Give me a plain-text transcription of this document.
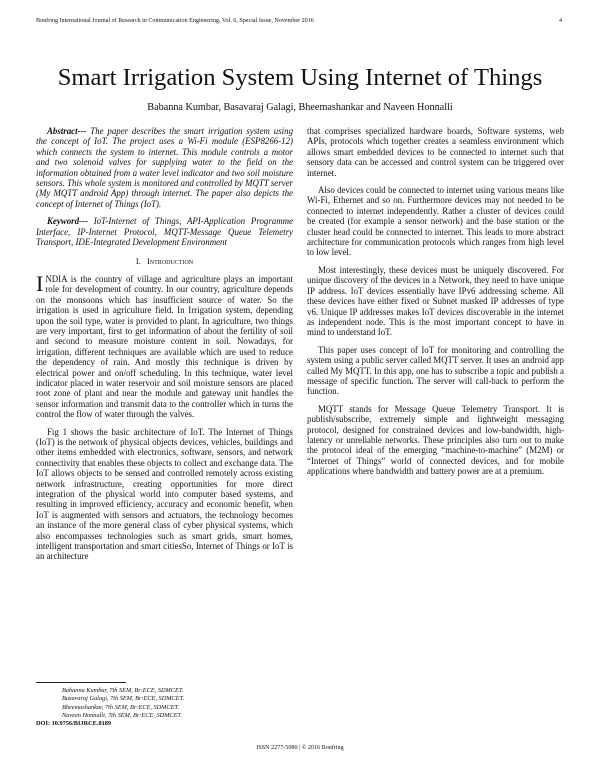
Bonfring International Journal of Research in Communication Engineering, Vol. 6, Special Issue, November 2016	4
Smart Irrigation System Using Internet of Things
Babanna Kumbar, Basavaraj Galagi, Bheemashankar and Naveen Honnalli

Abstract--- The paper describes the smart irrigation system using the concept of IoT. The project uses a Wi-Fi module (ESP8266-12) which connects the system to internet. This module controls a motor and two solenoid valves for supplying water to the field on the information obtained from a water level indicator and two soil moisture sensors. This whole system is monitored and controlled by MQTT server (My MQTT android App) through internet. The paper also depicts the concept of Internet of Things (IoT).

Keyword--- IoT-Internet of Things, API-Application Programme Interface, IP-Internet Protocol, MQTT-Message Queue Telemetry Transport, IDE-Integrated Development Environment

I. Introduction

INDIA is the country of village and agriculture plays an important role for development of country. In our country, agriculture depends on the monsoons which has insufficient source of water. So the irrigation is used in agriculture field. In Irrigation system, depending upon the soil type, water is provided to plant. In agriculture, two things are very important, first to get information of about the fertility of soil and second to measure moisture content in soil. Nowadays, for irrigation, different techniques are available which are used to reduce the dependency of rain. And mostly this technique is driven by electrical power and on/off scheduling. In this technique, water level indicator placed in water reservoir and soil moisture sensors are placed root zone of plant and near the module and gateway unit handles the sensor information and transmit data to the controller which in turns the control the flow of water through the valves.

Fig 1 shows the basic architecture of IoT. The Internet of Things (IoT) is the network of physical objects devices, vehicles, buildings and other items embedded with electronics, software, sensors, and network connectivity that enables these objects to collect and exchange data. The IoT allows objects to be sensed and controlled remotely across existing network infrastructure, creating opportunities for more direct integration of the physical world into computer based systems, and resulting in improved efficiency, accuracy and economic benefit, when IoT is augmented with sensors and actuators, the technology becomes an instance of the more general class of cyber physical systems, which also encompasses technologies such as smart grids, smart homes, intelligent transportation and smart citiesSo, Internet of Things or IoT is an architecture

that comprises specialized hardware boards, Software systems, web APIs, protocols which together creates a seamless environment which allows smart embedded devices to be connected to internet such that sensory data can be accessed and control system can be triggered over internet.

Also devices could be connected to internet using various means like Wi-Fi, Ethernet and so on. Furthermore devices may not needed to be connected to internet independently. Rather a cluster of devices could be created (for example a sensor network) and the base station or the cluster head could be connected to internet. This leads to more abstract architecture for communication protocols which ranges from high level to low level.

Most interestingly, these devices must be uniquely discovered. For unique discovery of the devices in a Network, they need to have unique IP address. IoT devices essentially have IPv6 addressing scheme. All these devices have either fixed or Subnet masked IP addresses of type v6. Unique IP addresses makes IoT devices discoverable in the internet as independent node. This is the most important concept to have in mind to understand IoT.

This paper uses concept of IoT for monitoring and controlling the system using a public server called MQTT server. It uses an android app called My MQTT. In this app, one has to subscribe a topic and publish a message of specific function. The server will call-back to perform the function.

MQTT stands for Message Queue Telemetry Transport. It is publish/subscribe, extremely simple and lightweight messaging protocol, designed for constrained devices and low-bandwidth, high-latency or unreliable networks. These principles also turn out to make the protocol ideal of the emerging “machine-to-machine” (M2M) or “Internet of Things” world of connected devices, and for mobile applications where bandwidth and battery power are at a premium.

Babanna Kumbar, 7th SEM, Br:ECE, SDMCET.
Basavaraj Galagi, 7th SEM, Br:ECE, SDMCET.
Bheemashankar, 7th SEM, Br:ECE, SDMCET.
Naveen Honnalli, 7th SEM, Br:ECE, SDMCET.
DOI: 10.9756/BIJRCE.8189
ISSN 2277-5080 | © 2016 Bonfring
